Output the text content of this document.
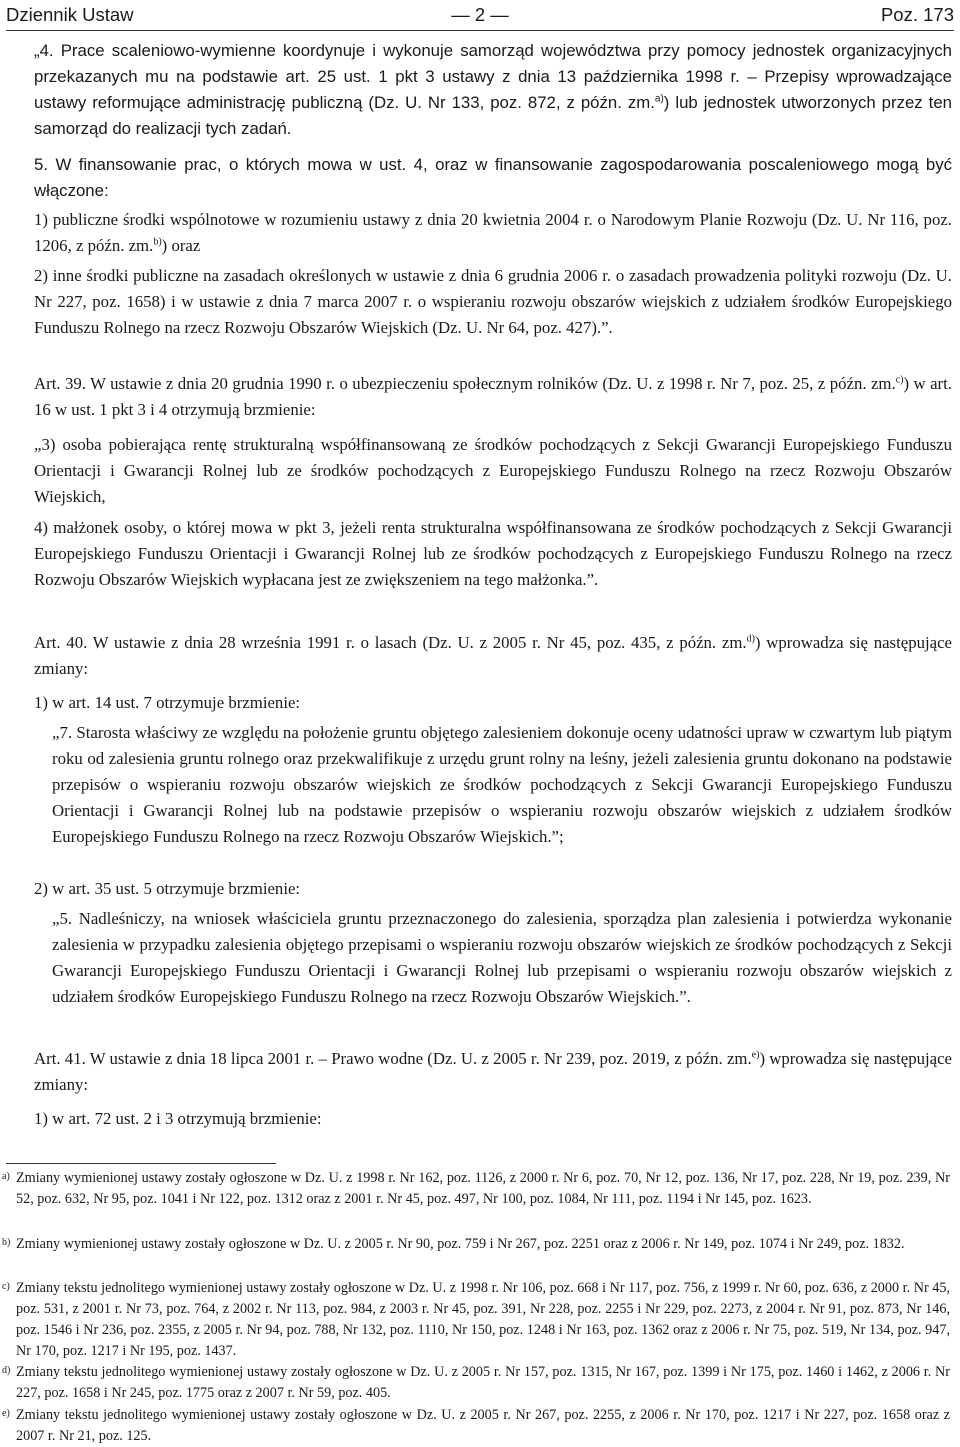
Dziennik Ustaw	— 2 —	Poz. 173
„4. Prace scaleniowo-wymienne koordynuje i wykonuje samorząd województwa przy pomocy jednostek organizacyjnych przekazanych mu na podstawie art. 25 ust. 1 pkt 3 ustawy z dnia 13 października 1998 r. – Przepisy wprowadzające ustawy reformujące administrację publiczną (Dz. U. Nr 133, poz. 872, z późn. zm.$^{a)}$) lub jednostek utworzonych przez ten samorząd do realizacji tych zadań.
5. W finansowanie prac, o których mowa w ust. 4, oraz w finansowanie zagospodarowania poscaleniowego mogą być włączone:
1) publiczne środki wspólnotowe w rozumieniu ustawy z dnia 20 kwietnia 2004 r. o Narodowym Planie Rozwoju (Dz. U. Nr 116, poz. 1206, z późn. zm.$^{b)}$) oraz
2) inne środki publiczne na zasadach określonych w ustawie z dnia 6 grudnia 2006 r. o zasadach prowadzenia polityki rozwoju (Dz. U. Nr 227, poz. 1658) i w ustawie z dnia 7 marca 2007 r. o wspieraniu rozwoju obszarów wiejskich z udziałem środków Europejskiego Funduszu Rolnego na rzecz Rozwoju Obszarów Wiejskich (Dz. U. Nr 64, poz. 427).”.
Art. 39. W ustawie z dnia 20 grudnia 1990 r. o ubezpieczeniu społecznym rolników (Dz. U. z 1998 r. Nr 7, poz. 25, z późn. zm.$^{c)}$) w art. 16 w ust. 1 pkt 3 i 4 otrzymują brzmienie:
„3) osoba pobierająca rentę strukturalną współfinansowaną ze środków pochodzących z Sekcji Gwarancji Europejskiego Funduszu Orientacji i Gwarancji Rolnej lub ze środków pochodzących z Europejskiego Funduszu Rolnego na rzecz Rozwoju Obszarów Wiejskich,
4) małżonek osoby, o której mowa w pkt 3, jeżeli renta strukturalna współfinansowana ze środków pochodzących z Sekcji Gwarancji Europejskiego Funduszu Orientacji i Gwarancji Rolnej lub ze środków pochodzących z Europejskiego Funduszu Rolnego na rzecz Rozwoju Obszarów Wiejskich wypłacana jest ze zwiększeniem na tego małżonka.”.
Art. 40. W ustawie z dnia 28 września 1991 r. o lasach (Dz. U. z 2005 r. Nr 45, poz. 435, z późn. zm.$^{d)}$) wprowadza się następujące zmiany:
1) w art. 14 ust. 7 otrzymuje brzmienie:
„7. Starosta właściwy ze względu na położenie gruntu objętego zalesieniem dokonuje oceny udatności upraw w czwartym lub piątym roku od zalesienia gruntu rolnego oraz przekwalifikuje z urzędu grunt rolny na leśny, jeżeli zalesienia gruntu dokonano na podstawie przepisów o wspieraniu rozwoju obszarów wiejskich ze środków pochodzących z Sekcji Gwarancji Europejskiego Funduszu Orientacji i Gwarancji Rolnej lub na podstawie przepisów o wspieraniu rozwoju obszarów wiejskich z udziałem środków Europejskiego Funduszu Rolnego na rzecz Rozwoju Obszarów Wiejskich.”;
2) w art. 35 ust. 5 otrzymuje brzmienie:
„5. Nadleśniczy, na wniosek właściciela gruntu przeznaczonego do zalesienia, sporządza plan zalesienia i potwierdza wykonanie zalesienia w przypadku zalesienia objętego przepisami o wspieraniu rozwoju obszarów wiejskich ze środków pochodzących z Sekcji Gwarancji Europejskiego Funduszu Orientacji i Gwarancji Rolnej lub przepisami o wspieraniu rozwoju obszarów wiejskich z udziałem środków Europejskiego Funduszu Rolnego na rzecz Rozwoju Obszarów Wiejskich.”.
Art. 41. W ustawie z dnia 18 lipca 2001 r. – Prawo wodne (Dz. U. z 2005 r. Nr 239, poz. 2019, z późn. zm.$^{e)}$) wprowadza się następujące zmiany:
1) w art. 72 ust. 2 i 3 otrzymują brzmienie:
a) Zmiany wymienionej ustawy zostały ogłoszone w Dz. U. z 1998 r. Nr 162, poz. 1126, z 2000 r. Nr 6, poz. 70, Nr 12, poz. 136, Nr 17, poz. 228, Nr 19, poz. 239, Nr 52, poz. 632, Nr 95, poz. 1041 i Nr 122, poz. 1312 oraz z 2001 r. Nr 45, poz. 497, Nr 100, poz. 1084, Nr 111, poz. 1194 i Nr 145, poz. 1623.
b) Zmiany wymienionej ustawy zostały ogłoszone w Dz. U. z 2005 r. Nr 90, poz. 759 i Nr 267, poz. 2251 oraz z 2006 r. Nr 149, poz. 1074 i Nr 249, poz. 1832.
c) Zmiany tekstu jednolitego wymienionej ustawy zostały ogłoszone w Dz. U. z 1998 r. Nr 106, poz. 668 i Nr 117, poz. 756, z 1999 r. Nr 60, poz. 636, z 2000 r. Nr 45, poz. 531, z 2001 r. Nr 73, poz. 764, z 2002 r. Nr 113, poz. 984, z 2003 r. Nr 45, poz. 391, Nr 228, poz. 2255 i Nr 229, poz. 2273, z 2004 r. Nr 91, poz. 873, Nr 146, poz. 1546 i Nr 236, poz. 2355, z 2005 r. Nr 94, poz. 788, Nr 132, poz. 1110, Nr 150, poz. 1248 i Nr 163, poz. 1362 oraz z 2006 r. Nr 75, poz. 519, Nr 134, poz. 947, Nr 170, poz. 1217 i Nr 195, poz. 1437.
d) Zmiany tekstu jednolitego wymienionej ustawy zostały ogłoszone w Dz. U. z 2005 r. Nr 157, poz. 1315, Nr 167, poz. 1399 i Nr 175, poz. 1460 i 1462, z 2006 r. Nr 227, poz. 1658 i Nr 245, poz. 1775 oraz z 2007 r. Nr 59, poz. 405.
e) Zmiany tekstu jednolitego wymienionej ustawy zostały ogłoszone w Dz. U. z 2005 r. Nr 267, poz. 2255, z 2006 r. Nr 170, poz. 1217 i Nr 227, poz. 1658 oraz z 2007 r. Nr 21, poz. 125.
